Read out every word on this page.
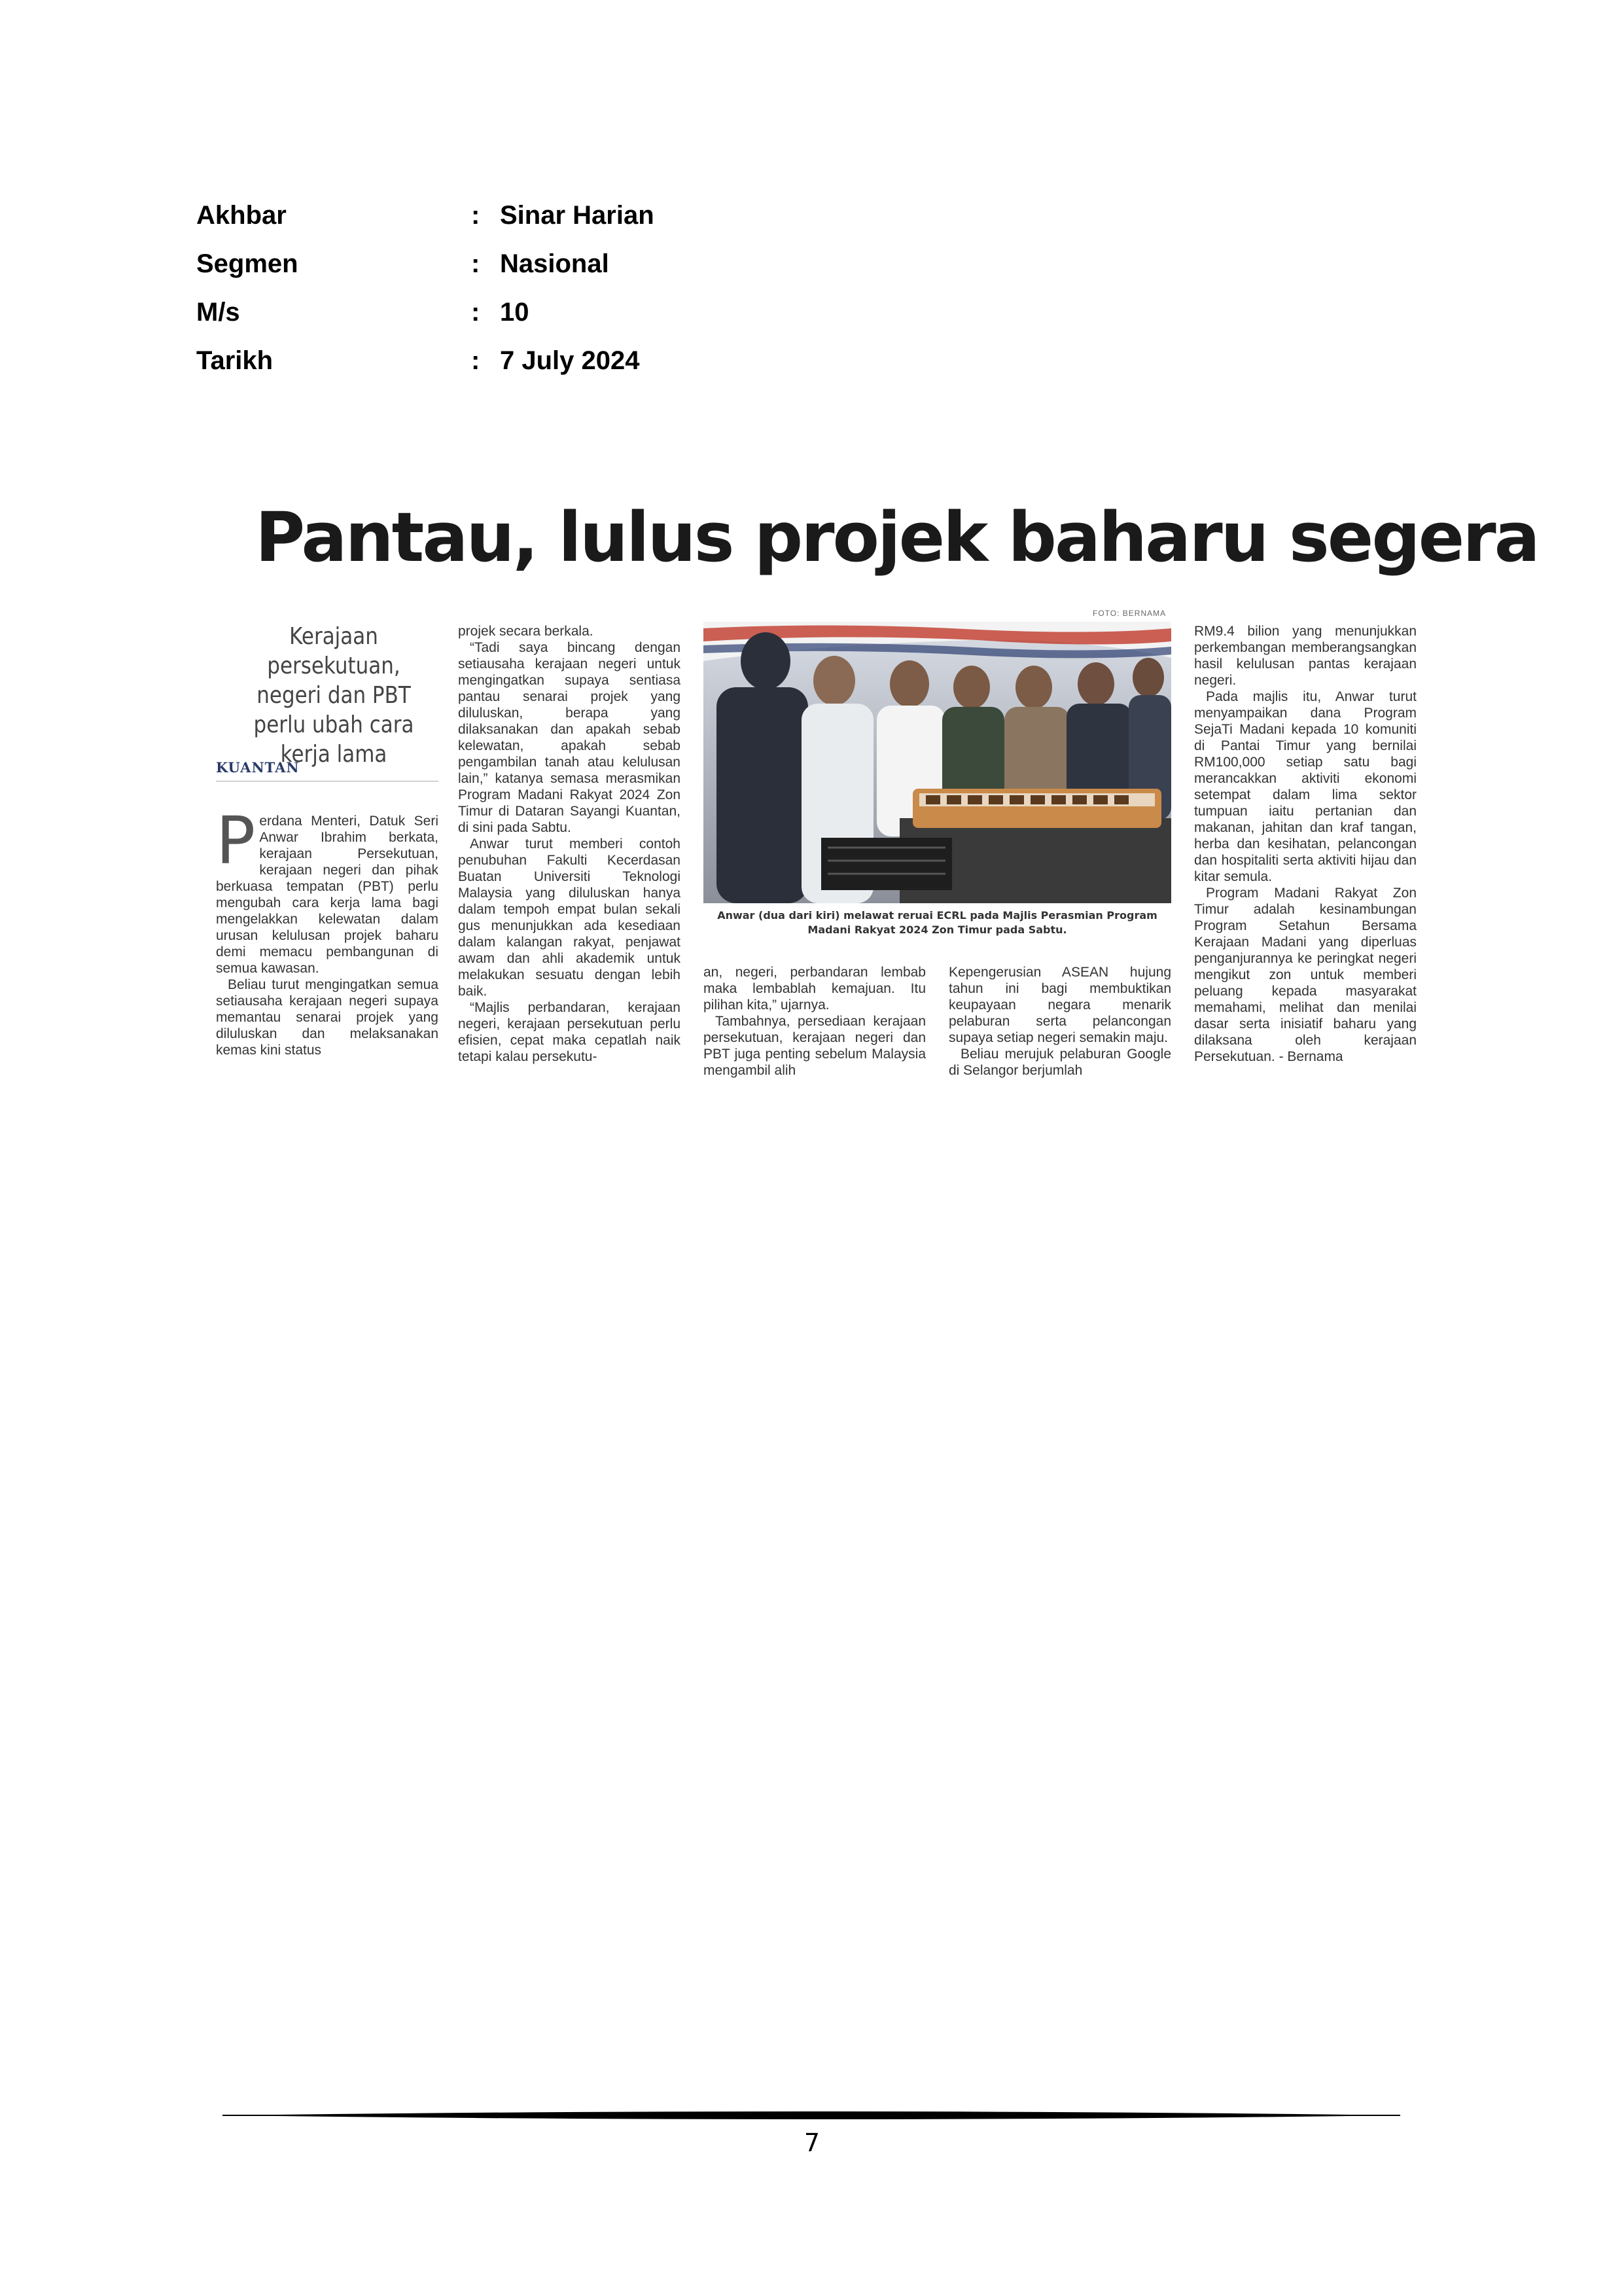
Akhbar	: Sinar Harian
Segmen	: Nasional
M/s	: 10
Tarikh	: 7 July 2024
Pantau, lulus projek baharu segera
Kerajaan persekutuan, negeri dan PBT perlu ubah cara kerja lama
KUANTAN
P erdana Menteri, Datuk Seri Anwar Ibrahim berkata, kerajaan Persekutuan, kerajaan negeri dan pihak berkuasa tempatan (PBT) perlu mengubah cara kerja lama bagi mengelakkan kelewatan dalam urusan kelulusan projek baharu demi memacu pembangunan di semua kawasan.

Beliau turut mengingatkan semua setiausaha kerajaan negeri supaya memantau senarai projek yang diluluskan dan melaksanakan kemas kini status

projek secara berkala.

“Tadi saya bincang dengan setiausaha kerajaan negeri untuk mengingatkan supaya sentiasa pantau senarai projek yang diluluskan, berapa yang dilaksanakan dan apakah sebab kelewatan, apakah sebab pengambilan tanah atau kelulusan lain,” katanya semasa merasmikan Program Madani Rakyat 2024 Zon Timur di Dataran Sayangi Kuantan, di sini pada Sabtu.

Anwar turut memberi contoh penubuhan Fakulti Kecerdasan Buatan Universiti Teknologi Malaysia yang diluluskan hanya dalam tempoh empat bulan sekali gus menunjukkan ada kesediaan dalam kalangan rakyat, penjawat awam dan ahli akademik untuk melakukan sesuatu dengan lebih baik.

“Majlis perbandaran, kerajaan negeri, kerajaan persekutuan perlu efisien, cepat maka cepatlah naik tetapi kalau persekutu-

FOTO: BERNAMA
Anwar (dua dari kiri) melawat reruai ECRL pada Majlis Perasmian Program Madani Rakyat 2024 Zon Timur pada Sabtu.

an, negeri, perbandaran lembab maka lembablah kemajuan. Itu pilihan kita,” ujarnya.

Tambahnya, persediaan kerajaan persekutuan, kerajaan negeri dan PBT juga penting sebelum Malaysia mengambil alih

Kepengerusian ASEAN hujung tahun ini bagi membuktikan keupayaan negara menarik pelaburan serta pelancongan supaya setiap negeri semakin maju.

Beliau merujuk pelaburan Google di Selangor berjumlah

RM9.4 bilion yang menunjukkan perkembangan memberangsangkan hasil kelulusan pantas kerajaan negeri.

Pada majlis itu, Anwar turut menyampaikan dana Program SejaTi Madani kepada 10 komuniti di Pantai Timur yang bernilai RM100,000 setiap satu bagi merancakkan aktiviti ekonomi setempat dalam lima sektor tumpuan iaitu pertanian dan makanan, jahitan dan kraf tangan, herba dan kesihatan, pelancongan dan hospitaliti serta aktiviti hijau dan kitar semula.

Program Madani Rakyat Zon Timur adalah kesinambungan Program Setahun Bersama Kerajaan Madani yang diperluas penganjurannya ke peringkat negeri mengikut zon untuk memberi peluang kepada masyarakat memahami, melihat dan menilai dasar serta inisiatif baharu yang dilaksana oleh kerajaan Persekutuan. - Bernama

7
